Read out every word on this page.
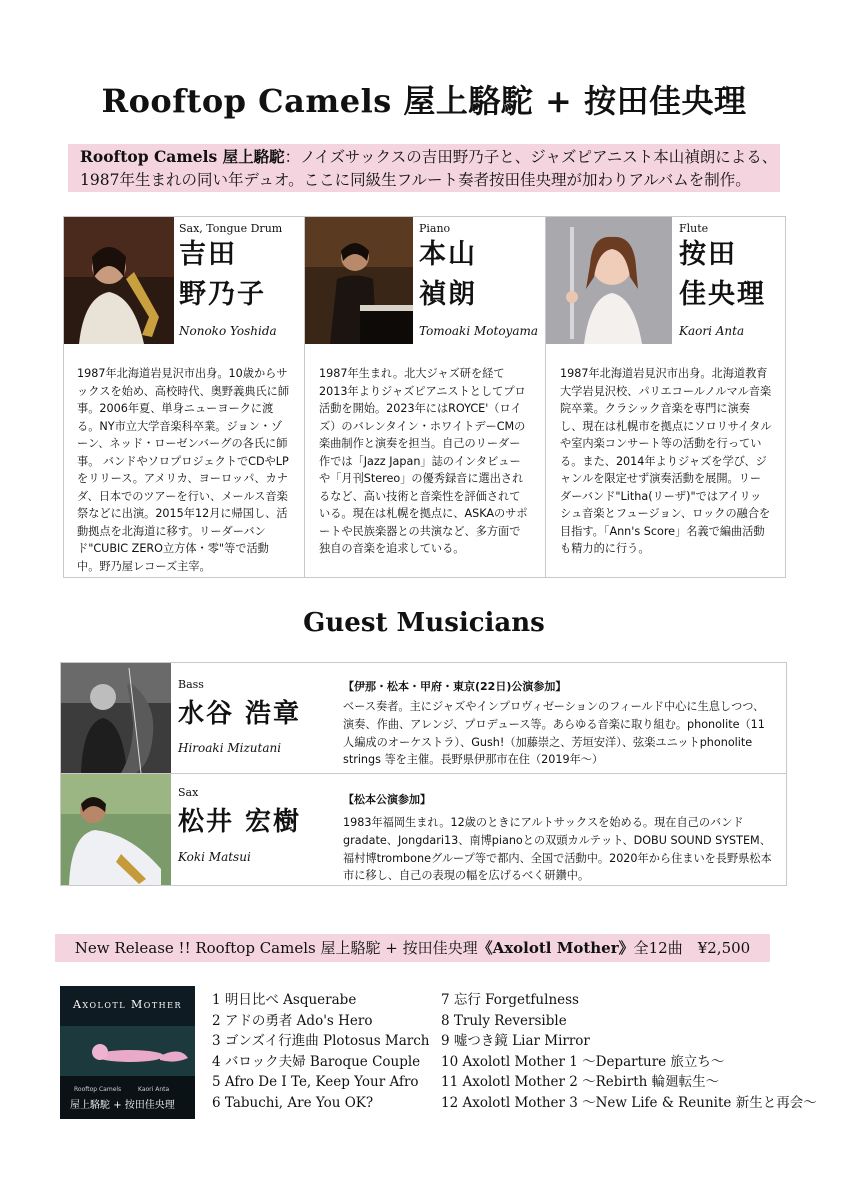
Rooftop Camels 屋上駱駝 + 按田佳央理
Rooftop Camels 屋上駱駝：ノイズサックスの吉田野乃子と、ジャズピアニスト本山禎朗による、
1987年生まれの同い年デュオ。ここに同級生フルート奏者按田佳央理が加わりアルバムを制作。
Sax, Tongue Drum
吉田
野乃子
Nonoko Yoshida
1987年北海道岩見沢市出身。10歳からサックスを始め、高校時代、奥野義典氏に師事。2006年夏、単身ニューヨークに渡る。NY市立大学音楽科卒業。ジョン・ゾーン、ネッド・ローゼンバーグの各氏に師事。 バンドやソロプロジェクトでCDやLPをリリース。アメリカ、ヨーロッパ、カナダ、日本でのツアーを行い、メールス音楽祭などに出演。2015年12月に帰国し、活動拠点を北海道に移す。リーダーバンド"CUBIC ZERO立方体・零"等で活動中。野乃屋レコーズ主宰。
Piano
本山
禎朗
Tomoaki Motoyama
1987年生まれ。北大ジャズ研を経て2013年よりジャズピアニストとしてプロ活動を開始。2023年にはROYCE'（ロイズ）のバレンタイン・ホワイトデーCMの楽曲制作と演奏を担当。自己のリーダー作では「Jazz Japan」誌のインタビューや「月刊Stereo」の優秀録音に選出されるなど、高い技術と音楽性を評価されている。現在は札幌を拠点に、ASKAのサポートや民族楽器との共演など、多方面で独自の音楽を追求している。
Flute
按田
佳央理
Kaori Anta
1987年北海道岩見沢市出身。北海道教育大学岩見沢校、パリエコールノルマル音楽院卒業。クラシック音楽を専門に演奏し、現在は札幌市を拠点にソロリサイタルや室内楽コンサート等の活動を行っている。また、2014年よりジャズを学び、ジャンルを限定せず演奏活動を展開。リーダーバンド"Litha(リーザ)"ではアイリッシュ音楽とフュージョン、ロックの融合を目指す。「Ann's Score」名義で編曲活動も精力的に行う。
Guest Musicians
Bass
水谷 浩章
Hiroaki Mizutani
【伊那・松本・甲府・東京(22日)公演参加】
ベース奏者。主にジャズやインプロヴィゼーションのフィールド中心に生息しつつ、演奏、作曲、アレンジ、プロデュース等。あらゆる音楽に取り組む。phonolite（11人編成のオーケストラ）、Gush!（加藤崇之、芳垣安洋）、弦楽ユニットphonolite strings 等を主催。長野県伊那市在住（2019年〜）
Sax
松井 宏樹
Koki Matsui
【松本公演参加】
1983年福岡生まれ。12歳のときにアルトサックスを始める。現在自己のバンドgradate、Jongdari13、南博pianoとの双頭カルテット、DOBU SOUND SYSTEM、福村博tromboneグループ等で都内、全国で活動中。2020年から住まいを長野県松本市に移し、自己の表現の幅を広げるべく研鑽中。
New Release !! Rooftop Camels 屋上駱駝 + 按田佳央理《Axolotl Mother》全12曲　¥2,500
Axolotl Mother
Rooftop Camels	Kaori Anta
屋上駱駝 + 按田佳央理
1 明日比べ Asquerabe
2 アドの勇者 Ado's Hero
3 ゴンズイ行進曲 Plotosus March
4 バロック夫婦 Baroque Couple
5 Afro De I Te, Keep Your Afro
6 Tabuchi, Are You OK?
7 忘行 Forgetfulness
8 Truly Reversible
9 嘘つき鏡 Liar Mirror
10 Axolotl Mother 1 〜Departure 旅立ち〜
11 Axolotl Mother 2 〜Rebirth 輪廻転生〜
12 Axolotl Mother 3 〜New Life & Reunite 新生と再会〜
